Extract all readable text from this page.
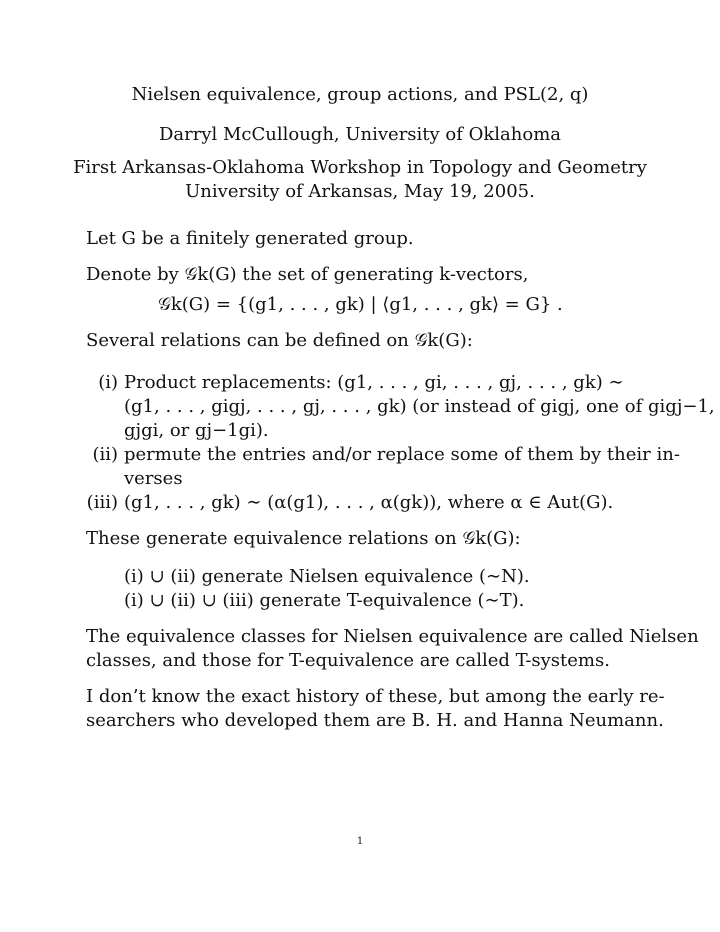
Nielsen equivalence, group actions, and PSL(2, q)
Darryl McCullough, University of Oklahoma
First Arkansas-Oklahoma Workshop in Topology and Geometry
University of Arkansas, May 19, 2005.
Let G be a finitely generated group.
Denote by 𝒢k(G) the set of generating k-vectors,
𝒢k(G) = {(g1, . . . , gk) | ⟨g1, . . . , gk⟩ = G} .
Several relations can be defined on 𝒢k(G):
(i) Product replacements: (g1, . . . , gi, . . . , gj, . . . , gk) ∼
(g1, . . . , gigj, . . . , gj, . . . , gk) (or instead of gigj, one of gigj−1,
gjgi, or gj−1gi).
(ii) permute the entries and/or replace some of them by their in-
verses
(iii) (g1, . . . , gk) ∼ (α(g1), . . . , α(gk)), where α ∈ Aut(G).
These generate equivalence relations on 𝒢k(G):
(i) ∪ (ii) generate Nielsen equivalence (∼N).
(i) ∪ (ii) ∪ (iii) generate T-equivalence (∼T).
The equivalence classes for Nielsen equivalence are called Nielsen
classes, and those for T-equivalence are called T-systems.
I don’t know the exact history of these, but among the early re-
searchers who developed them are B. H. and Hanna Neumann.
1
